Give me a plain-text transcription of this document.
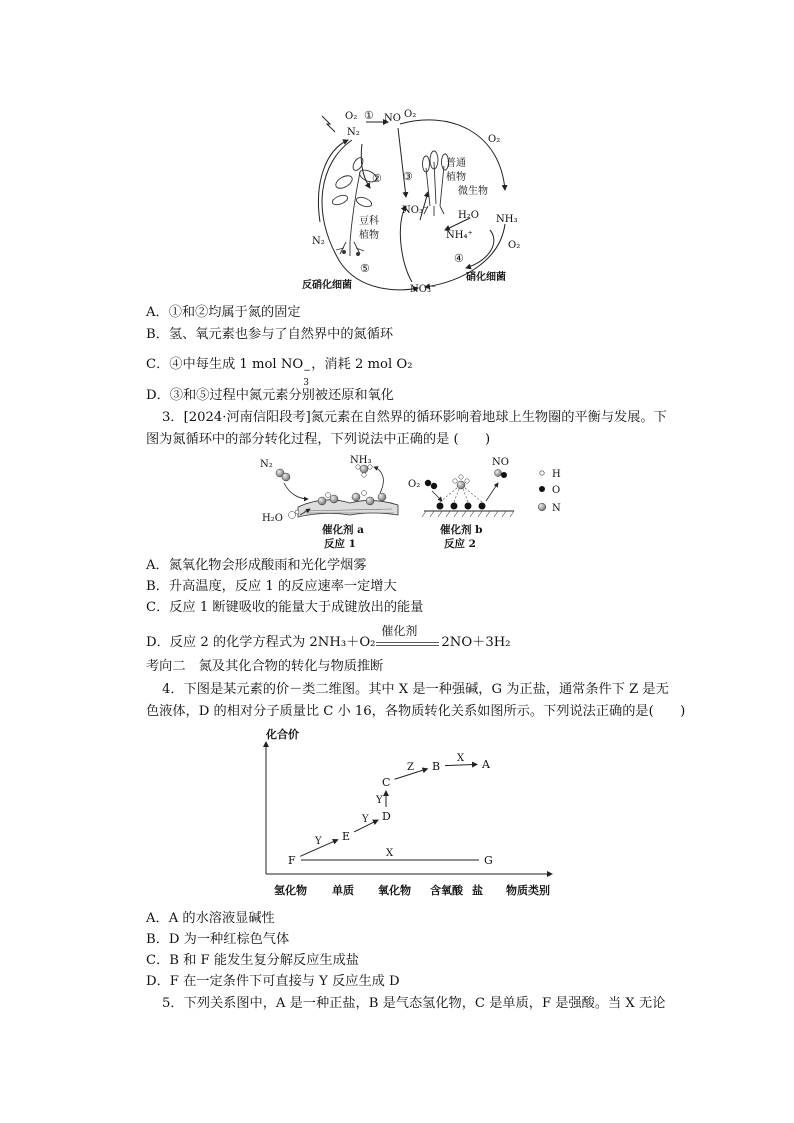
O₂ ① NO O₂
N₂
O₂
② ③
普通
植物
微生物
NO₃⁻	H₂O NH₃
豆科
植物	NH₄⁺
O₂
N₂
④
⑤
反硝化细菌	NO₃⁻
硝化细菌
A．①和②均属于氮的固定
B．氢、氧元素也参与了自然界中的氮循环
C．④中每生成 1 mol NO −
3
，消耗 2 mol O₂
D．③和⑤过程中氮元素分别被还原和氧化
3．[2024·河南信阳段考]氮元素在自然界的循环影响着地球上生物圈的平衡与发展。下
图为氮循环中的部分转化过程，下列说法中正确的是 (　　)
N₂	NH₃
H₂O
催化剂 a
反应 1
O₂
NO
催化剂 b
反应 2
H
O
N
A．氮氧化物会形成酸雨和光化学烟雾
B．升高温度，反应 1 的反应速率一定增大
C．反应 1 断键吸收的能量大于成键放出的能量
D．反应 2 的化学方程式为 2NH₃＋O₂
催化剂
2NO＋3H₂
考向二　氮及其化合物的转化与物质推断
4．下图是某元素的价－类二维图。其中 X 是一种强碱，G 为正盐，通常条件下 Z 是无
色液体，D 的相对分子质量比 C 小 16，各物质转化关系如图所示。下列说法正确的是(　　)
化合价
物质类别
氢化物 单质 氧化物 含氧酸 盐
F
E
D
C
B	A
G
Y
Y
Y
Z
X
X
A．A 的水溶液显碱性
B．D 为一种红棕色气体
C．B 和 F 能发生复分解反应生成盐
D．F 在一定条件下可直接与 Y 反应生成 D
5．下列关系图中，A 是一种正盐，B 是气态氢化物，C 是单质，F 是强酸。当 X 无论
